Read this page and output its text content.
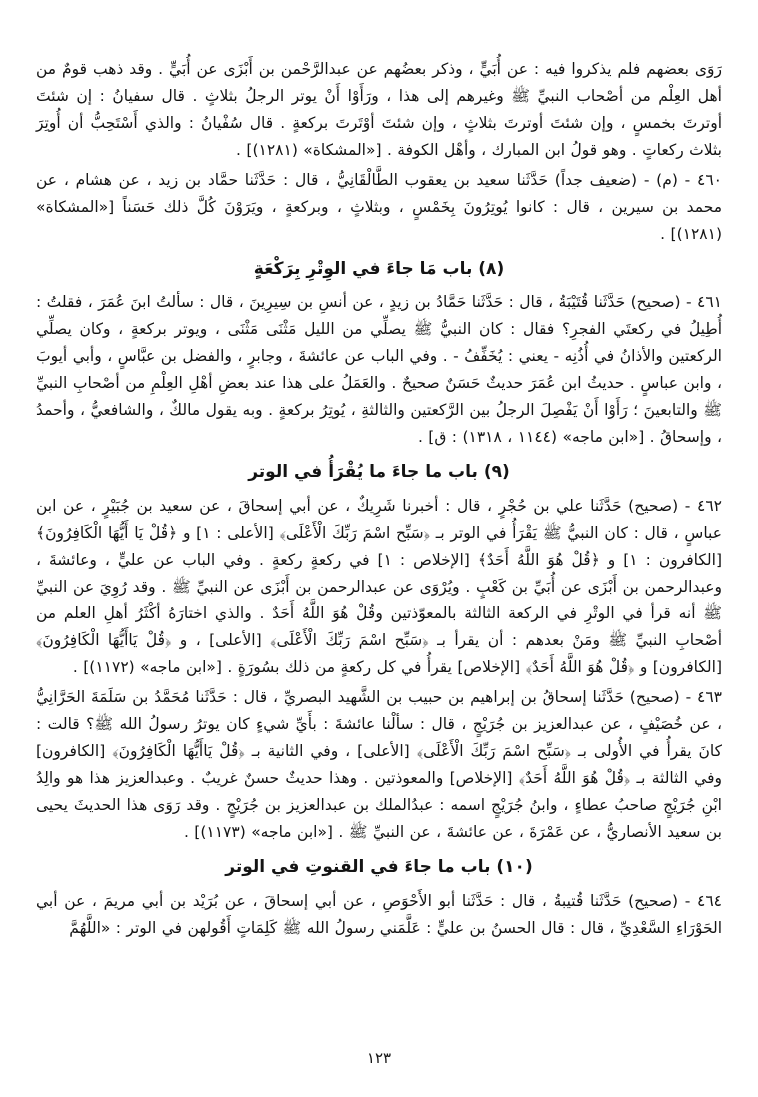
رَوَى بعضهم فلم يذكروا فيه : عن أُبَيٍّ ، وذكر بعضُهم عن عبدالرَّحْمن بن أَبْزَى عن أُبَيٍّ . وقد ذهب قومٌ من أهل العِلْم من أصْحاب النبيِّ ﷺ وغيرهم إلى هذا ، ورَأَوْا أَنْ يوتر الرجلُ بثلاثٍ . قال سفيانُ : إن شئتَ أوترتَ بخمسٍ ، وإن شئتَ أوترتَ بثلاثٍ ، وإن شئتَ أوْتَرتَ بركعةٍ . قال سُفْيانُ : والذي أَسْتَحِبُّ أن أُوتِرَ بثلاث ركعاتٍ . وهو قولُ ابن المبارك ، وأهْل الكوفة . [«المشكاة» (١٢٨١)] .

٤٦٠ - (م) - (ضعيف جداً) حَدَّثَنا سعيد بن يعقوب الطَّالْقَانِيُّ ، قال : حَدَّثَنا حمَّاد بن زيد ، عن هشام ، عن محمد بن سيرين ، قال : كانوا يُوتِرُونَ بِخَمْسٍ ، وبثلاثٍ ، وبركعةٍ ، ويَرَوْنَ كُلَّ ذلك حَسَناً [«المشكاة» (١٢٨١)] .

(٨) باب مَا جاءَ في الوِتْرِ بِرَكْعَةٍ

٤٦١ - (صحيح) حَدَّثَنا قُتَيْبَةُ ، قال : حَدَّثَنا حَمَّادُ بن زيدٍ ، عن أنسِ بن سِيرِينَ ، قال : سألتُ ابنَ عُمَرَ ، فقلتُ : أُطِيلُ في ركعتَي الفجرِ؟ فقال : كان النبيُّ ﷺ يصلِّي من الليل مَثْنَى مَثْنَى ، ويوتر بركعةٍ ، وكان يصلِّي الركعتين والأذانُ في أُذُنِه - يعني : يُخَفِّفُ - . وفي الباب عن عائشةَ ، وجابرٍ ، والفضل بن عبَّاسٍ ، وأبي أيوبَ ، وابن عباسٍ . حديثُ ابن عُمَرَ حديثٌ حَسَنٌ صحيحٌ . والعَمَلُ على هذا عند بعضِ أهْلِ العِلْمِ من أصْحابِ النبيِّ ﷺ والتابعينَ ؛ رَأَوْا أَنْ يَفْصِلَ الرجلُ بين الرَّكعتين والثالثةِ ، يُوتِرُ بركعةٍ . وبه يقول مالكٌ ، والشافعيُّ ، وأحمدُ ، وإسحاقُ . [«ابن ماجه» (١١٤٤ ، ١٣١٨) : ق] .

(٩) باب ما جاءَ ما يُقْرَأُ في الوتر

٤٦٢ - (صحيح) حَدَّثَنا علي بن حُجْرٍ ، قال : أخبرنا شَرِيكٌ ، عن أبي إسحاقَ ، عن سعيد بن جُبَيْرٍ ، عن ابن عباسٍ ، قال : كان النبيُّ ﷺ يَقْرَأُ في الوتر بـ ﴿سَبِّح اسْمَ رَبِّكَ الْأَعْلَى﴾ [الأعلى : ١] و ﴿قُلْ يَا أَيُّهَا الْكَافِرُونَ﴾ [الكافرون : ١] و ﴿قُلْ هُوَ اللَّهُ أَحَدٌ﴾ [الإخلاص : ١] في ركعةٍ ركعةٍ . وفي الباب عن عليٍّ ، وعائشةَ ، وعبدالرحمن بن أَبْزَى عن أُبَيِّ بن كَعْبٍ . ويُرْوَى عن عبدالرحمن بن أَبْزَى عن النبيِّ ﷺ . وقد رُوِيَ عن النبيِّ ﷺ أنه قرأ في الوتْرِ في الركعة الثالثة بالمعوّذتين وقُلْ هُوَ اللَّهُ أَحَدٌ . والذي اختارَهُ أكْثَرُ أهلِ العلم من أصْحابِ النبيِّ ﷺ ومَنْ بعدهم : أن يقرأ بـ ﴿سَبِّح اسْمَ رَبِّكَ الْأَعْلَى﴾ [الأعلى] ، و ﴿قُلْ يَاأَيُّهَا الْكَافِرُونَ﴾ [الكافرون] و ﴿قُلْ هُوَ اللَّهُ أَحَدٌ﴾ [الإخلاص] يقرأُ في كل ركعةٍ من ذلك بسُورَةٍ . [«ابن ماجه» (١١٧٢)] .

٤٦٣ - (صحيح) حَدَّثَنا إسحاقُ بن إبراهيم بن حبيب بن الشَّهيد البصريِّ ، قال : حَدَّثَنا مُحَمَّدُ بن سَلَمَةَ الحَرَّانِيُّ ، عن خُصَيْفٍ ، عن عبدالعزيز بن جُرَيْجٍ ، قال : سألْنا عائشةَ : بأَيِّ شيءٍ كان يوترُ رسولُ الله ﷺ؟ قالت : كانَ يقرأُ في الأُولى بـ ﴿سَبِّح اسْمَ رَبِّكَ الْأَعْلَى﴾ [الأعلى] ، وفي الثانية بـ ﴿قُلْ يَاأَيُّهَا الْكَافِرُونَ﴾ [الكافرون] وفي الثالثة بـ ﴿قُلْ هُوَ اللَّهُ أَحَدٌ﴾ [الإخلاص] والمعوذتين . وهذا حديثٌ حسنٌ غريبٌ . وعبدالعزيز هذا هو والِدُ ابْنِ جُرَيْجٍ صاحبُ عطاءٍ ، وابنُ جُرَيْجٍ اسمه : عبدُالملك بن عبدالعزيز بن جُرَيْجٍ . وقد رَوَى هذا الحديثَ يحيى بن سعيد الأنصاريُّ ، عن عَمْرَةَ ، عن عائشةَ ، عن النبيِّ ﷺ . [«ابن ماجه» (١١٧٣)] .

(١٠) باب ما جاءَ في القنوتِ في الوتر

٤٦٤ - (صحيح) حَدَّثَنا قُتيبةُ ، قال : حَدَّثَنا أبو الأَحْوَصِ ، عن أبي إسحاقَ ، عن بُرَيْد بن أبي مريمَ ، عن أبي الحَوْرَاءِ السَّعْدِيِّ ، قال : قال الحسنُ بن عليٍّ : عَلَّمَني رسولُ الله ﷺ كَلِمَاتٍ أَقُولهن في الوتر : «اللَّهُمَّ

١٢٣
